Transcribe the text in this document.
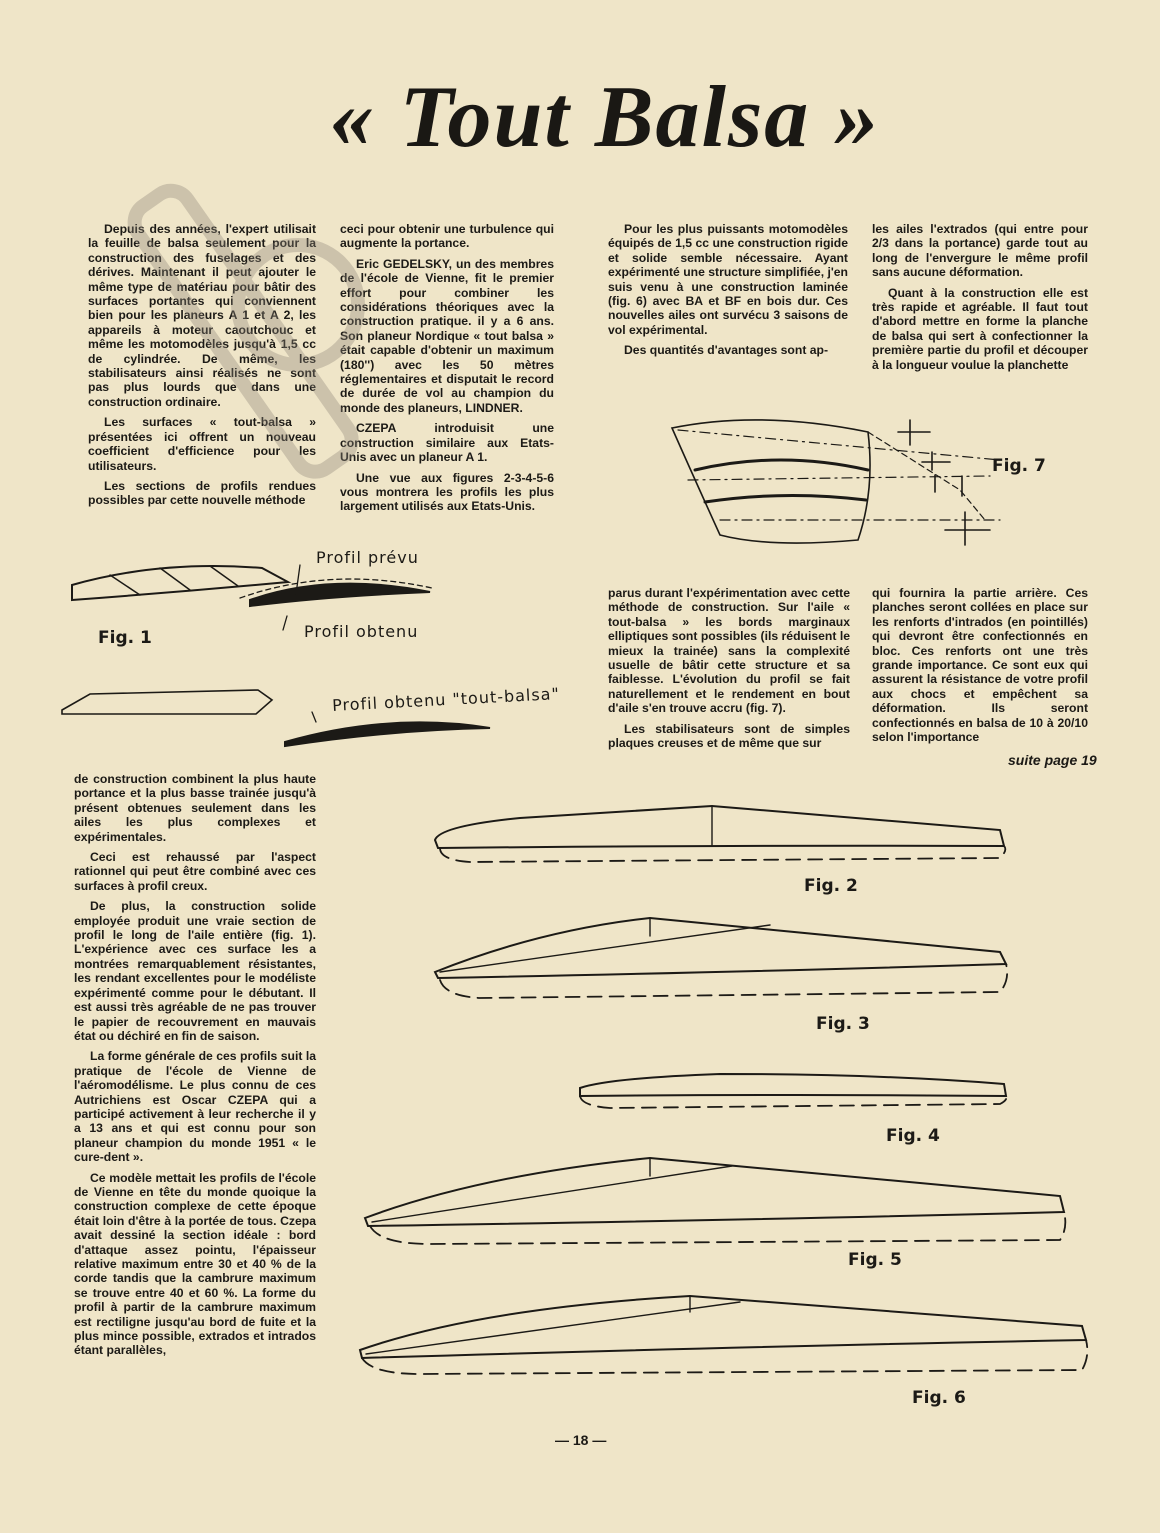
« Tout Balsa »

Depuis des années, l'expert utilisait la feuille de balsa seulement pour la construction des fuselages et des dérives. Maintenant il peut ajouter le même type de matériau pour bâtir des surfaces portantes qui conviennent bien pour les planeurs A 1 et A 2, les appareils à moteur caoutchouc et même les motomodèles jusqu'à 1,5 cc de cylindrée. De même, les stabilisateurs ainsi réalisés ne sont pas plus lourds que dans une construction ordinaire.

Les surfaces « tout-balsa » présentées ici offrent un nouveau coefficient d'efficience pour les utilisateurs.

Les sections de profils rendues possibles par cette nouvelle méthode

ceci pour obtenir une turbulence qui augmente la portance.

Eric GEDELSKY, un des membres de l'école de Vienne, fit le premier effort pour combiner les considérations théoriques avec la construction pratique. il y a 6 ans. Son planeur Nordique « tout balsa » était capable d'obtenir un maximum (180'') avec les 50 mètres réglementaires et disputait le record de durée de vol au champion du monde des planeurs, LINDNER.

CZEPA introduisit une construction similaire aux Etats-Unis avec un planeur A 1.

Une vue aux figures 2-3-4-5-6 vous montrera les profils les plus largement utilisés aux Etats-Unis.

Pour les plus puissants motomodèles équipés de 1,5 cc une construction rigide et solide semble nécessaire. Ayant expérimenté une structure simplifiée, j'en suis venu à une construction laminée (fig. 6) avec BA et BF en bois dur. Ces nouvelles ailes ont survécu 3 saisons de vol expérimental.

Des quantités d'avantages sont ap-

les ailes l'extrados (qui entre pour 2/3 dans la portance) garde tout au long de l'envergure le même profil sans aucune déformation.

Quant à la construction elle est très rapide et agréable. Il faut tout d'abord mettre en forme la planche de balsa qui sert à confectionner la première partie du profil et découper à la longueur voulue la planchette

parus durant l'expérimentation avec cette méthode de construction. Sur l'aile « tout-balsa » les bords marginaux elliptiques sont possibles (ils réduisent le mieux la trainée) sans la complexité usuelle de bâtir cette structure et sa faiblesse. L'évolution du profil se fait naturellement et le rendement en bout d'aile s'en trouve accru (fig. 7).

Les stabilisateurs sont de simples plaques creuses et de même que sur

qui fournira la partie arrière. Ces planches seront collées en place sur les renforts d'intrados (en pointillés) qui devront être confectionnés en bloc. Ces renforts ont une très grande importance. Ce sont eux qui assurent la résistance de votre profil aux chocs et empêchent sa déformation. Ils seront confectionnés en balsa de 10 à 20/10 selon l'importance

suite page 19

de construction combinent la plus haute portance et la plus basse trainée jusqu'à présent obtenues seulement dans les ailes les plus complexes et expérimentales.

Ceci est rehaussé par l'aspect rationnel qui peut être combiné avec ces surfaces à profil creux.

De plus, la construction solide employée produit une vraie section de profil le long de l'aile entière (fig. 1). L'expérience avec ces surface les a montrées remarquablement résistantes, les rendant excellentes pour le modéliste expérimenté comme pour le débutant. Il est aussi très agréable de ne pas trouver le papier de recouvrement en mauvais état ou déchiré en fin de saison.

La forme générale de ces profils suit la pratique de l'école de Vienne de l'aéromodélisme. Le plus connu de ces Autrichiens est Oscar CZEPA qui a participé activement à leur recherche il y a 13 ans et qui est connu pour son planeur champion du monde 1951 « le cure-dent ».

Ce modèle mettait les profils de l'école de Vienne en tête du monde quoique la construction complexe de cette époque était loin d'être à la portée de tous. Czepa avait dessiné la section idéale : bord d'attaque assez pointu, l'épaisseur relative maximum entre 30 et 40 % de la corde tandis que la cambrure maximum se trouve entre 40 et 60 %. La forme du profil à partir de la cambrure maximum est rectiligne jusqu'au bord de fuite et la plus mince possible, extrados et intrados étant parallèles,

Profil prévu
Profil obtenu
Fig. 1
Profil obtenu "tout-balsa"
Fig. 7
Fig. 2
Fig. 3
Fig. 4
Fig. 5
Fig. 6
— 18 —
